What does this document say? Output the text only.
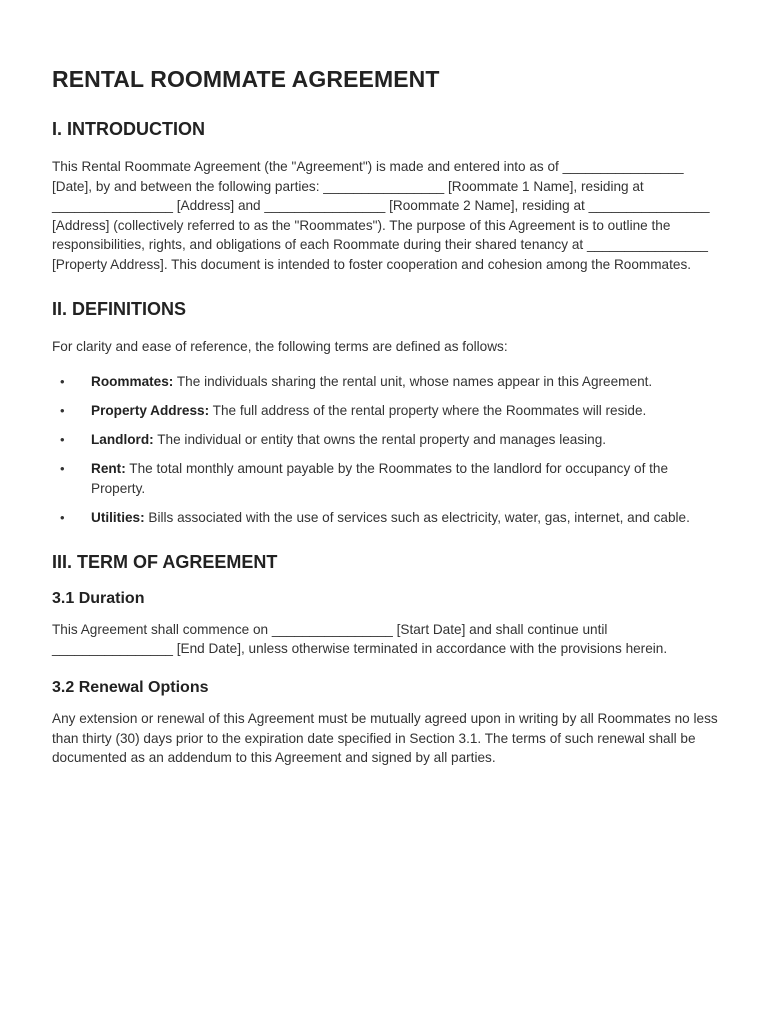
RENTAL ROOMMATE AGREEMENT
I. INTRODUCTION

This Rental Roommate Agreement (the "Agreement") is made and entered into as of ________________ [Date], by and between the following parties: ________________ [Roommate 1 Name], residing at ________________ [Address] and ________________ [Roommate 2 Name], residing at ________________ [Address] (collectively referred to as the "Roommates"). The purpose of this Agreement is to outline the responsibilities, rights, and obligations of each Roommate during their shared tenancy at ________________ [Property Address]. This document is intended to foster cooperation and cohesion among the Roommates.

II. DEFINITIONS

For clarity and ease of reference, the following terms are defined as follows:

• Roommates: The individuals sharing the rental unit, whose names appear in this Agreement.
• Property Address: The full address of the rental property where the Roommates will reside.
• Landlord: The individual or entity that owns the rental property and manages leasing.
• Rent: The total monthly amount payable by the Roommates to the landlord for occupancy of the Property.
• Utilities: Bills associated with the use of services such as electricity, water, gas, internet, and cable.
III. TERM OF AGREEMENT
3.1 Duration

This Agreement shall commence on ________________ [Start Date] and shall continue until ________________ [End Date], unless otherwise terminated in accordance with the provisions herein.

3.2 Renewal Options

Any extension or renewal of this Agreement must be mutually agreed upon in writing by all Roommates no less than thirty (30) days prior to the expiration date specified in Section 3.1. The terms of such renewal shall be documented as an addendum to this Agreement and signed by all parties.
